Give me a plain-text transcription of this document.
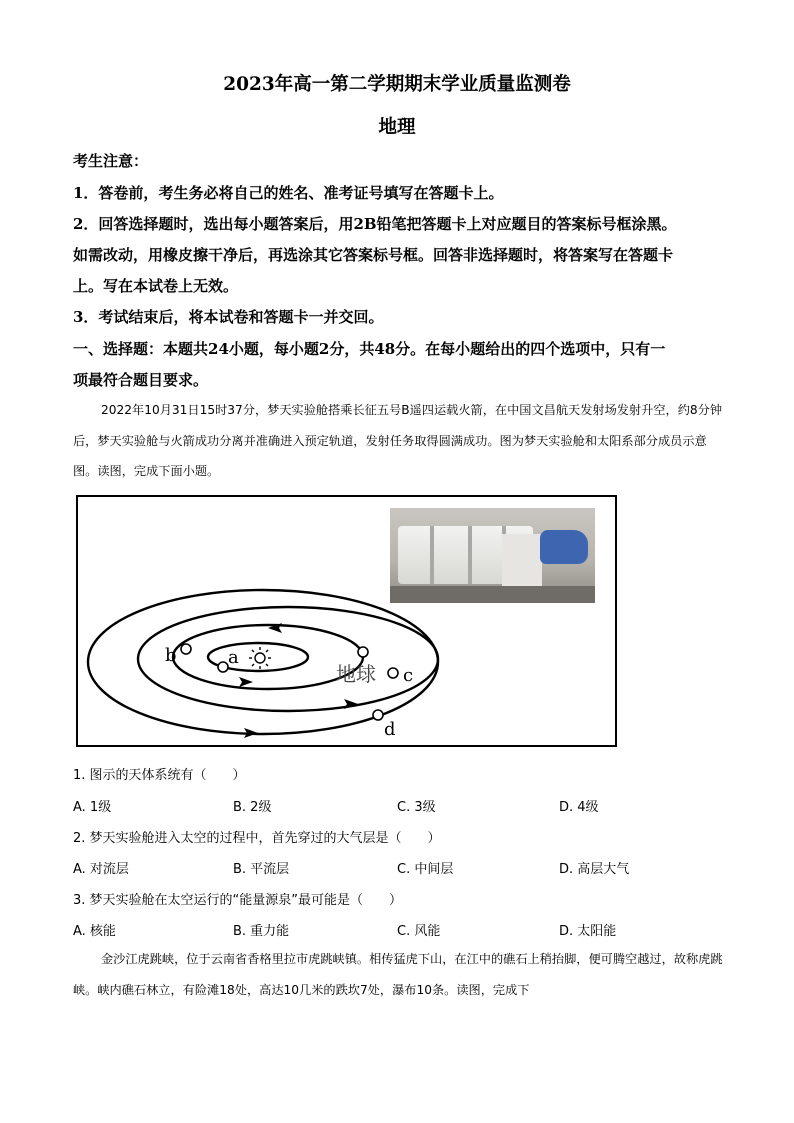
2023年高一第二学期期末学业质量监测卷
地理
考生注意：
1．答卷前，考生务必将自己的姓名、准考证号填写在答题卡上。
2．回答选择题时，选出每小题答案后，用2B铅笔把答题卡上对应题目的答案标号框涂黑。
如需改动，用橡皮擦干净后，再选涂其它答案标号框。回答非选择题时，将答案写在答题卡
上。写在本试卷上无效。
3．考试结束后，将本试卷和答题卡一并交回。
一、选择题：本题共24小题，每小题2分，共48分。在每小题给出的四个选项中，只有一
项最符合题目要求。
2022年10月31日15时37分，梦天实验舱搭乘长征五号B遥四运载火箭，在中国文昌航天发射场发射升空，约8分钟后，梦天实验舱与火箭成功分离并准确进入预定轨道，发射任务取得圆满成功。图为梦天实验舱和太阳系部分成员示意图。读图，完成下面小题。
a
b
c
d
地球
1. 图示的天体系统有（　　）
A. 1级	B. 2级	C. 3级	D. 4级
2. 梦天实验舱进入太空的过程中，首先穿过的大气层是（　　）
A. 对流层	B. 平流层	C. 中间层	D. 高层大气
3. 梦天实验舱在太空运行的“能量源泉”最可能是（　　）
A. 核能	B. 重力能	C. 风能	D. 太阳能
金沙江虎跳峡，位于云南省香格里拉市虎跳峡镇。相传猛虎下山，在江中的礁石上稍抬脚，便可腾空越过，故称虎跳峡。峡内礁石林立，有险滩18处，高达10几米的跌坎7处，瀑布10条。读图，完成下
